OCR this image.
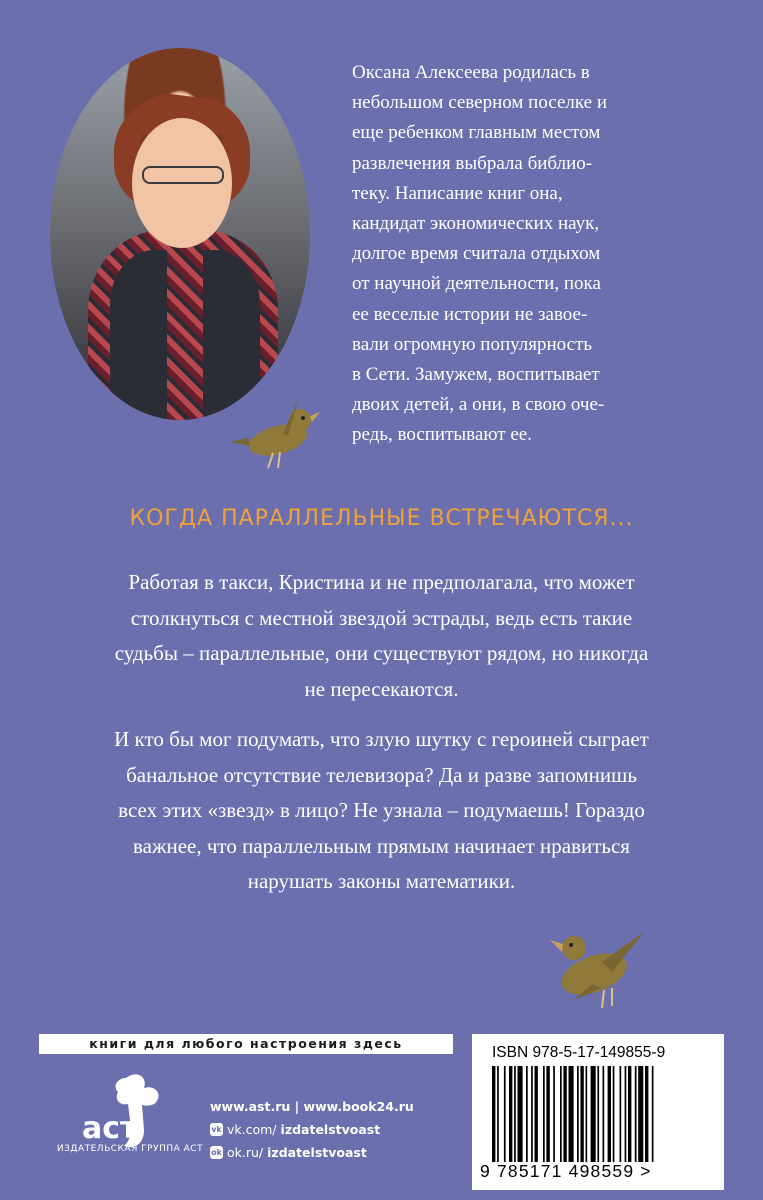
Оксана Алексеева родилась в
небольшом северном поселке и
еще ребенком главным местом
развлечения выбрала библио-
теку. Написание книг она,
кандидат экономических наук,
долгое время считала отдыхом
от научной деятельности, пока
ее веселые истории не завое-
вали огромную популярность
в Сети. Замужем, воспитывает
двоих детей, а они, в свою оче-
редь, воспитывают ее.
КОГДА ПАРАЛЛЕЛЬНЫЕ ВСТРЕЧАЮТСЯ...
Работая в такси, Кристина и не предполагала, что может
столкнуться с местной звездой эстрады, ведь есть такие
судьбы – параллельные, они существуют рядом, но никогда
не пересекаются.
И кто бы мог подумать, что злую шутку с героиней сыграет
банальное отсутствие телевизора? Да и разве запомнишь
всех этих «звезд» в лицо? Не узнала – подумаешь! Гораздо
важнее, что параллельным прямым начинает нравиться
нарушать законы математики.
книги для любого настроения здесь
аст
ИЗДАТЕЛЬСКАЯ ГРУППА АСТ
www.ast.ru | www.book24.ru
vk vk.com/ izdatelstvoast
ok ok.ru/ izdatelstvoast
ISBN 978-5-17-149855-9
9 785171 498559 >
